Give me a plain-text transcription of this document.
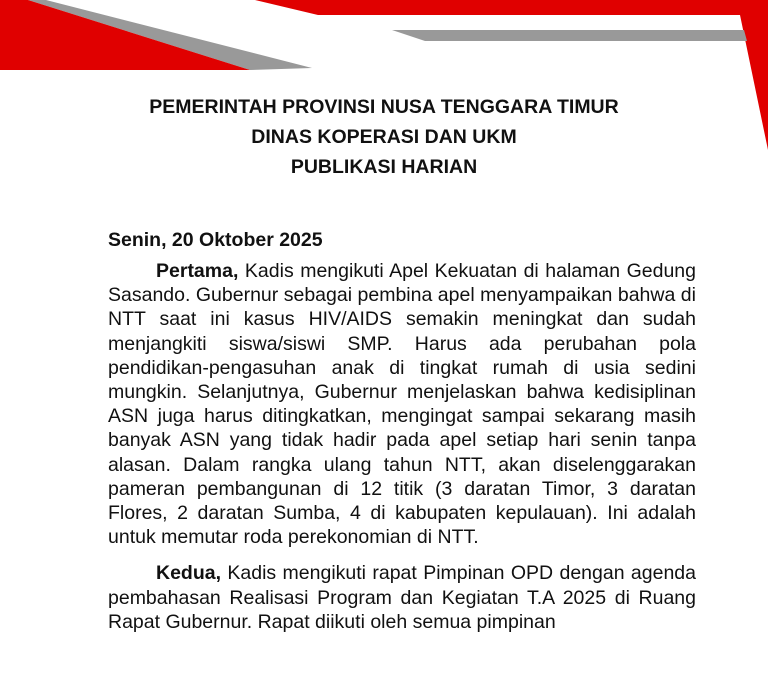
PEMERINTAH PROVINSI NUSA TENGGARA TIMUR
DINAS KOPERASI DAN UKM
PUBLIKASI HARIAN
Senin, 20 Oktober 2025

Pertama, Kadis mengikuti Apel Kekuatan di halaman Gedung Sasando. Gubernur sebagai pembina apel menyampaikan bahwa di NTT saat ini kasus HIV/AIDS semakin meningkat dan sudah menjangkiti siswa/siswi SMP. Harus ada perubahan pola pendidikan-pengasuhan anak di tingkat rumah di usia sedini mungkin. Selanjutnya, Gubernur menjelaskan bahwa kedisiplinan ASN juga harus ditingkatkan, mengingat sampai sekarang masih banyak ASN yang tidak hadir pada apel setiap hari senin tanpa alasan. Dalam rangka ulang tahun NTT, akan diselenggarakan pameran pembangunan di 12 titik (3 daratan Timor, 3 daratan Flores, 2 daratan Sumba, 4 di kabupaten kepulauan). Ini adalah untuk memutar roda perekonomian di NTT.

Kedua, Kadis mengikuti rapat Pimpinan OPD dengan agenda pembahasan Realisasi Program dan Kegiatan T.A 2025 di Ruang Rapat Gubernur. Rapat diikuti oleh semua pimpinan
